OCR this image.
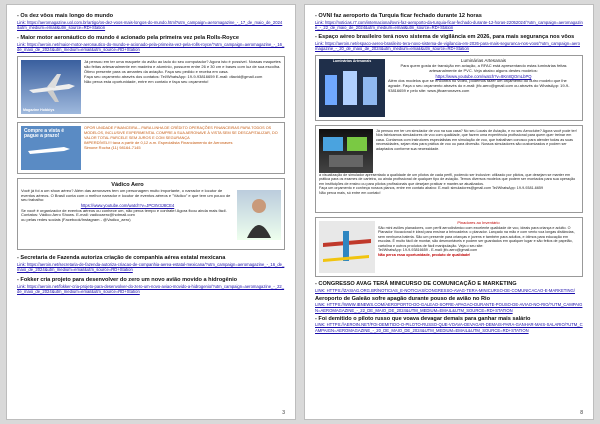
- Os dez vôos mais longo do mundo
Link: https://aeromagazine.uol.com.br/artigo/os-dez-voos-mais-longos-do-mundo.html?utm_campaign=aeromagazine_-_17_de_maio_de_2024&utm_medium=email&utm_source=RD+Station
- Maior motor aeronáutico do mundo é acionado pela primeira vez pela Rolls-Royce
Link: https://aeroin.net/maior-motor-aeronautico-do-mundo-e-acionado-pela-primeira-vez-pela-rolls-royce/?utm_campaign=aeromagazine_-_16_de_maio_de_2024&utm_medium=email&utm_source=RD+Station
Magazine Hobbiys
Já pensou em ter uma maquete do avião ao lado do seu computador? Agora isto é possível. Nossas maquetes são feitas artesanalmente em madeira e alumínio, possuem entre 26 e 30 cm e bases com luz de sua escolha. Ótimo presente para os amantes da aviação. Faça seu pedido e receba em casa.
Faça seu orçamento através dos contatos: Tel/WhatsApp: 19-9-93816659 E-mail: dtavid@gmail.com
Não perca esta oportunidade, entre em contato e faça seu orçamento!
Compre a vista é
pague a prazo!
OPOR UNIDADE FINANCEIRA – PARA LINHA DE CRÉDITO OPERAÇÕES FINANCEIRAS PARA TODOS OS MODELOS, INCLUSIVE EXPERIMENTAL COMPRE A SUA AERONAVE À VISTA SEM SE DESCAPITALIZAR, DO VALOR TOTAL PARCELE SEM JUROS E COM SEGURANÇA
IMPERDÍVEL!!! taxa a partir de 0,12 a.m. Especialista Financiamento de Aeronaves
Simone Rocha (11) 98164-7145
Vádico Aero
Você já foi a um show aéreo? Além das aeronaves tem um personagem muito importante, o narrador e locutor de eventos aéreos. O Brasil conta com o melhor narrador e locutor de eventos aéreos e "Vádico" e que tem um pouco de seu trabalho:
https://www.youtube.com/watch?v=JPC8V3J8CE4
Se você é organizador de eventos aéreos ou conhece um, não perca tempo e contrate! Agora ficou ainda mais fácil. Contatos: Vádico Aero Shows. E-mail: vadicoaero@hotmail.com
ou pelas redes sociais (Facebook/Instagram - @Vadico_aero)
- Secretaria de Fazenda autoriza criação de companhia aérea estatal mexicana
Link: https://aeroin.net/secretaria-de-fazenda-autoriza-criacao-de-companhia-aerea-estatal-mexicana/?utm_campaign=aeromagazine_-_16_de_maio_de_2024&utm_medium=email&utm_source=RD+Station
- Fokker cria projeto para desenvolver do zero um novo avião movido a hidrogênio
Link: https://aeroin.net/fokker-cria-projeto-para-desenvolver-do-zero-um-novo-aviao-movido-a-hidrogenio/?utm_campaign=aeromagazine_-_22_de_maio_de_2024&utm_medium=email&utm_source=RD+Station
3
- OVNI faz aeroporto da Turquia ficar fechado durante 12 horas
Link: https://noticias.r7.com/internacional/ovni-faz-aeroporto-da-turquia-ficar-fechado-durante-12-horas-22052024/?utm_campaign=aeromagazine_-_22_de_maio_de_2024&utm_medium=email&utm_source=RD+Station
- Espaço aéreo brasileiro terá novo sistema de vigilância em 2026, para mais segurança nos vôos
Link: https://aeroin.net/espaco-aereo-brasileiro-tera-novo-sistema-de-vigilancia-em-2026-para-mais-seguranca-nos-voos/?utm_campaign=aeromagazine_-_20_de_maio_de_2024&utm_medium=email&utm_source=RD+Station
Luminárias Artesanais	Luminárias Artesanais
Para quem gosta de transição em aviação, a RFAC está apresentando estas luminárias feitas artesanalmente de PVC. Veja abaixo alguns destes modelos:
https://www.youtube.com/watch?v=8Kn8QOmLbPQ
Além dos modelos que se encontra no vídeo, podemos fazer um orçamento do outro modelo que lhe agrade. Faça o seu orçamento através do e-mail: jtfc.aero@gmail.com ou através do WhatsApp: 19-9-93816659 e pelo site: www.jtfcaeronaves.com
Já pensou em ter um simulador de voo na sua casa? No seu Locais de Aviação, e no seu Aeroclube? Agora você pode ter! Nós fabricamos simuladores de voo com qualidade, que fazem uma experiência profissional para quem quer treinar em casa. Contamos com instrutores especialistas em simulação de voo, que trabalham conosco para atender todas as suas necessidades, sejam elas para prática de voo ou para diversão. Nossos simuladores são customizados e podem ser adaptados conforme sua necessidade.
a visualização de simulador apresentado a qualidade de um pilotos de cada perfil, podendo ser inclusive: utilizado por pilotos, que desejam se manter em prática para os exames de carteira, ou ainda profissional de qualquer tipo de aviação. Temos diversos modelos que podem ser montados para sua operação em instituições de ensino ou para pilotos profissionais que desejam praticar e manter-se atualizados.
Faça um orçamento e conheça nossos planos, entre em contato abaixo: E-mail: simuladores@gmail.com Tel/WhatsApp: 19-9-9381-6659
Não perca mais, só entre em contato!
Pinadores ao Inventário
São mini aviões planadores, com perfil aerodinâmico com excelente qualidade de voo, ideais para criança e adulto. O Planador Vocacional é ideal para ensinar a brincadeira: o planador. Lançado na mão e com vento voa longas distâncias, sem nenhuma bateria. São um presente para crianças e jovens e também para adultos, e ótimos para educação em escolas. É muito fácil de montar, são desmontáveis e podem ser guardados em qualquer lugar e são feitos de papelão, cartolina e outros produtos de fácil manipulação. Veja o seu site:
Tel/WhatsApp: 19-9-93816659 - E-mail: jtfc.aero@gmail.com
Não perca essa oportunidade, produto de qualidade!
- CONGRESSO AVAG TERÁ MINICURSO DE COMUNICAÇÃO E MARKETING
LINK: HTTPS://ZASIAG.ORG.BR/NOTICIAS_E-NOTICIAS/CONGRESSO-AVAG-TERA-MINICURSO-DE-COMUNICACAO-E-MARKETING/
Aeroporto de Galeão sofre apagão durante pouso de avião no Rio
LINK: HTTPS://WWW.IBNEWS.COM/AEROPORTO-DO-GALEAO-SOFRE-APAGAO-DURANTE-POUSO-DE-AVIAO-NO-RIO/?UTM_CAMPAIGN=AEROMAGAZINE_-_22_DE_MAIO_DE_2024&UTM_MEDIUM=EMAIL&UTM_SOURCE=RD+STATION
- Foi demitido o piloto russo que voava devagar demais para ganhar mais salário
LINK: HTTPS://AEROIN.NET/FOI-DEMITIDO-O-PILOTO-RUSSO-QUE-VOAVA-DEVAGAR-DEMAIS-PARA-GANHAR-MAIS-SALARIO/?UTM_CAMPAIGN=AEROMAGAZINE_-_20_DE_MAIO_DE_2024&UTM_MEDIUM=EMAIL&UTM_SOURCE=RD+STATION
8
